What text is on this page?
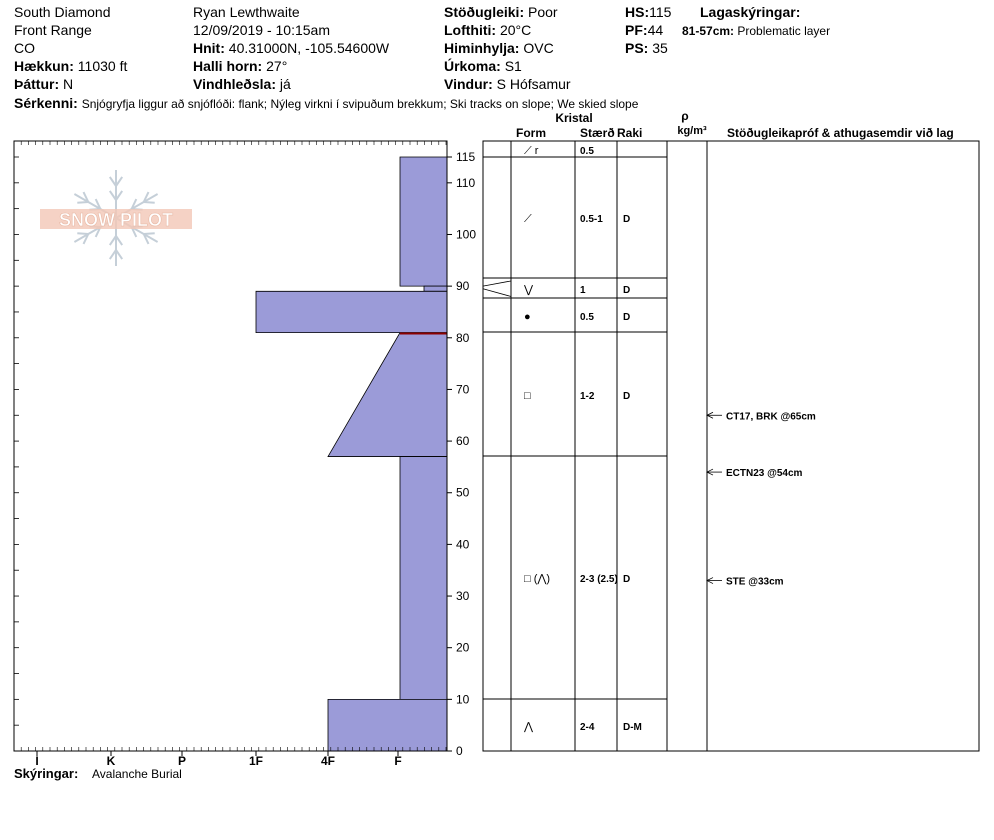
South Diamond
Front Range
CO
Hækkun: 11030 ft
Þáttur: N
Ryan Lewthwaite
12/09/2019 - 10:15am
Hnit: 40.31000N, -105.54600W
Halli horn: 27°
Vindhleðsla: já
Stöðugleiki: Poor
Lofthiti: 20°C
Himinhylja: OVC
Úrkoma: S1
Vindur: S Hófsamur
HS:115
PF:44
PS: 35
Lagaskýringar:
81-57cm: Problematic layer
Sérkenni: Snjógryfja liggur að snjóflóði: flank; Nýleg virkni í svipuðum brekkum; Ski tracks on slope; We skied slope
SNOW PILOT
0
10
20
30
40
50
60
70
80
90
100
110
115
I	K	P	1F	4F	F
Kristal
Form	Stærð Raki
ρ
kg/m³ Stöðugleikapróf & athugasemdir við lag
⟋ r	0.5
⟋	0.5-1 D
⋁	1	D
●	0.5	D
□	1-2	D
□ (⋀)	2-3 (2.5) D
⋀	2-4	D-M
CT17, BRK @65cm
ECTN23 @54cm
STE @33cm
Skýringar: Avalanche Burial
